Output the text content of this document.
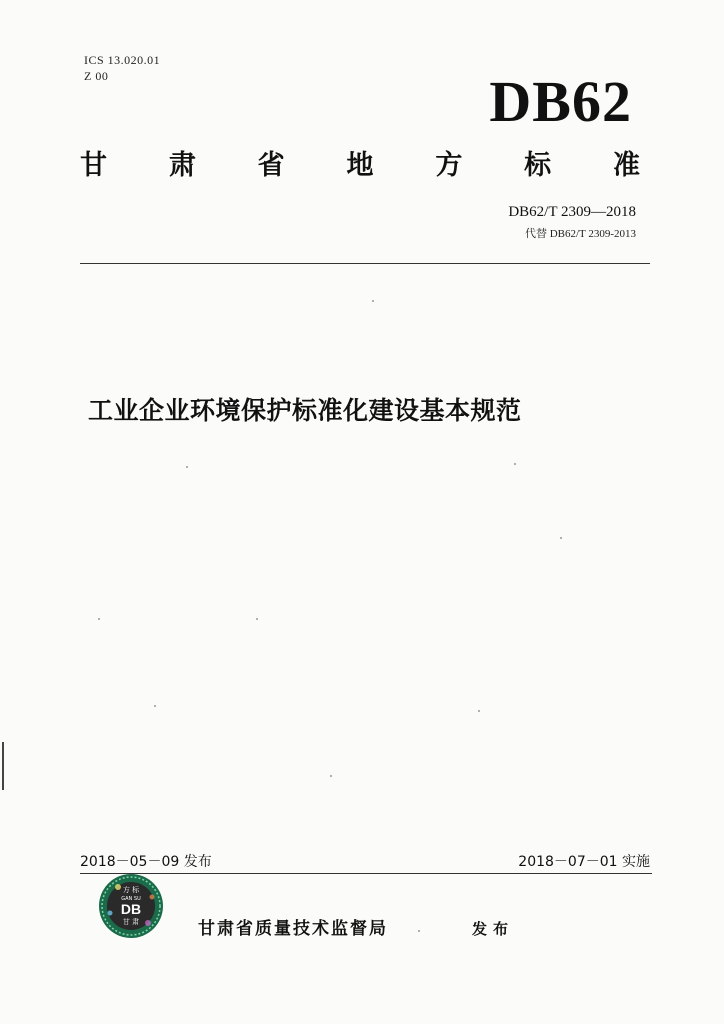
ICS 13.020.01
Z 00	DB62
甘 肃 省 地 方 标 准
DB62/T 2309—2018
代替 DB62/T 2309-2013
工业企业环境保护标准化建设基本规范
2018－05－09 发布	2018－07－01 实施
方 标
GAN SU
DB
甘 肃	甘肃省质量技术监督局	发布
